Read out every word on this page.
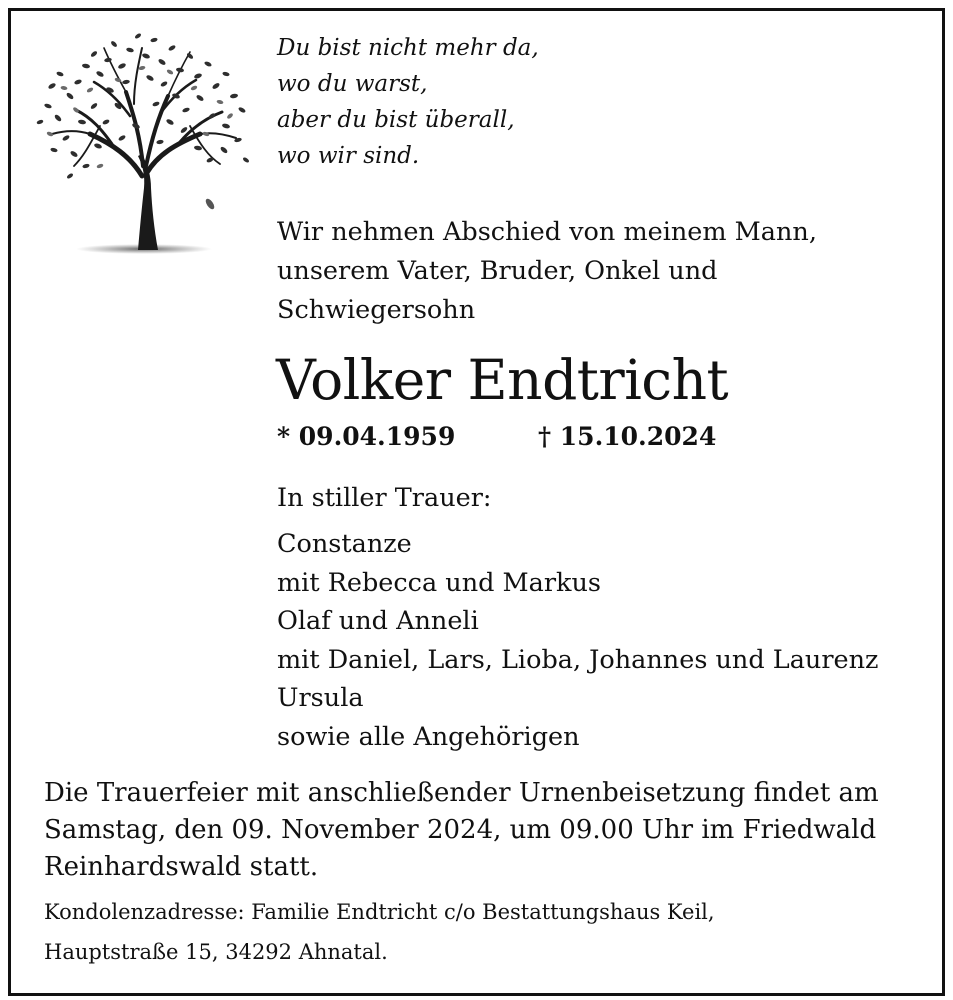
Du bist nicht mehr da,
wo du warst,
aber du bist überall,
wo wir sind.
Wir nehmen Abschied von meinem Mann,
unserem Vater, Bruder, Onkel und
Schwiegersohn
Volker Endtricht
* 09.04.1959	† 15.10.2024
In stiller Trauer:
Constanze
mit Rebecca und Markus
Olaf und Anneli
mit Daniel, Lars, Lioba, Johannes und Laurenz
Ursula
sowie alle Angehörigen
Die Trauerfeier mit anschließender Urnenbeisetzung findet am
Samstag, den 09. November 2024, um 09.00 Uhr im Friedwald
Reinhardswald statt.
Kondolenzadresse: Familie Endtricht c/o Bestattungshaus Keil,
Hauptstraße 15, 34292 Ahnatal.
